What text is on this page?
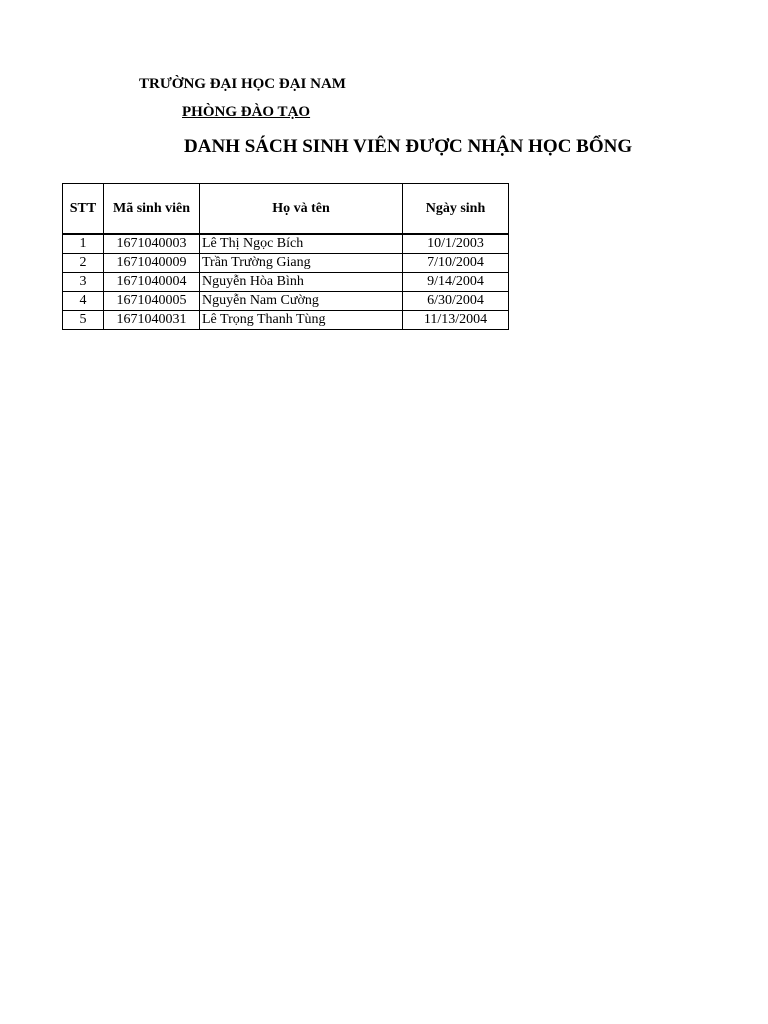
TRƯỜNG ĐẠI HỌC ĐẠI NAM
PHÒNG ĐÀO TẠO
DANH SÁCH SINH VIÊN ĐƯỢC NHẬN HỌC BỔNG
STT	Mã sinh viên	Họ và tên	Ngày sinh
1	1671040003	Lê Thị Ngọc Bích	10/1/2003
2	1671040009	Trần Trường Giang	7/10/2004
3	1671040004	Nguyễn Hòa Bình	9/14/2004
4	1671040005	Nguyễn Nam Cường	6/30/2004
5	1671040031	Lê Trọng Thanh Tùng	11/13/2004
